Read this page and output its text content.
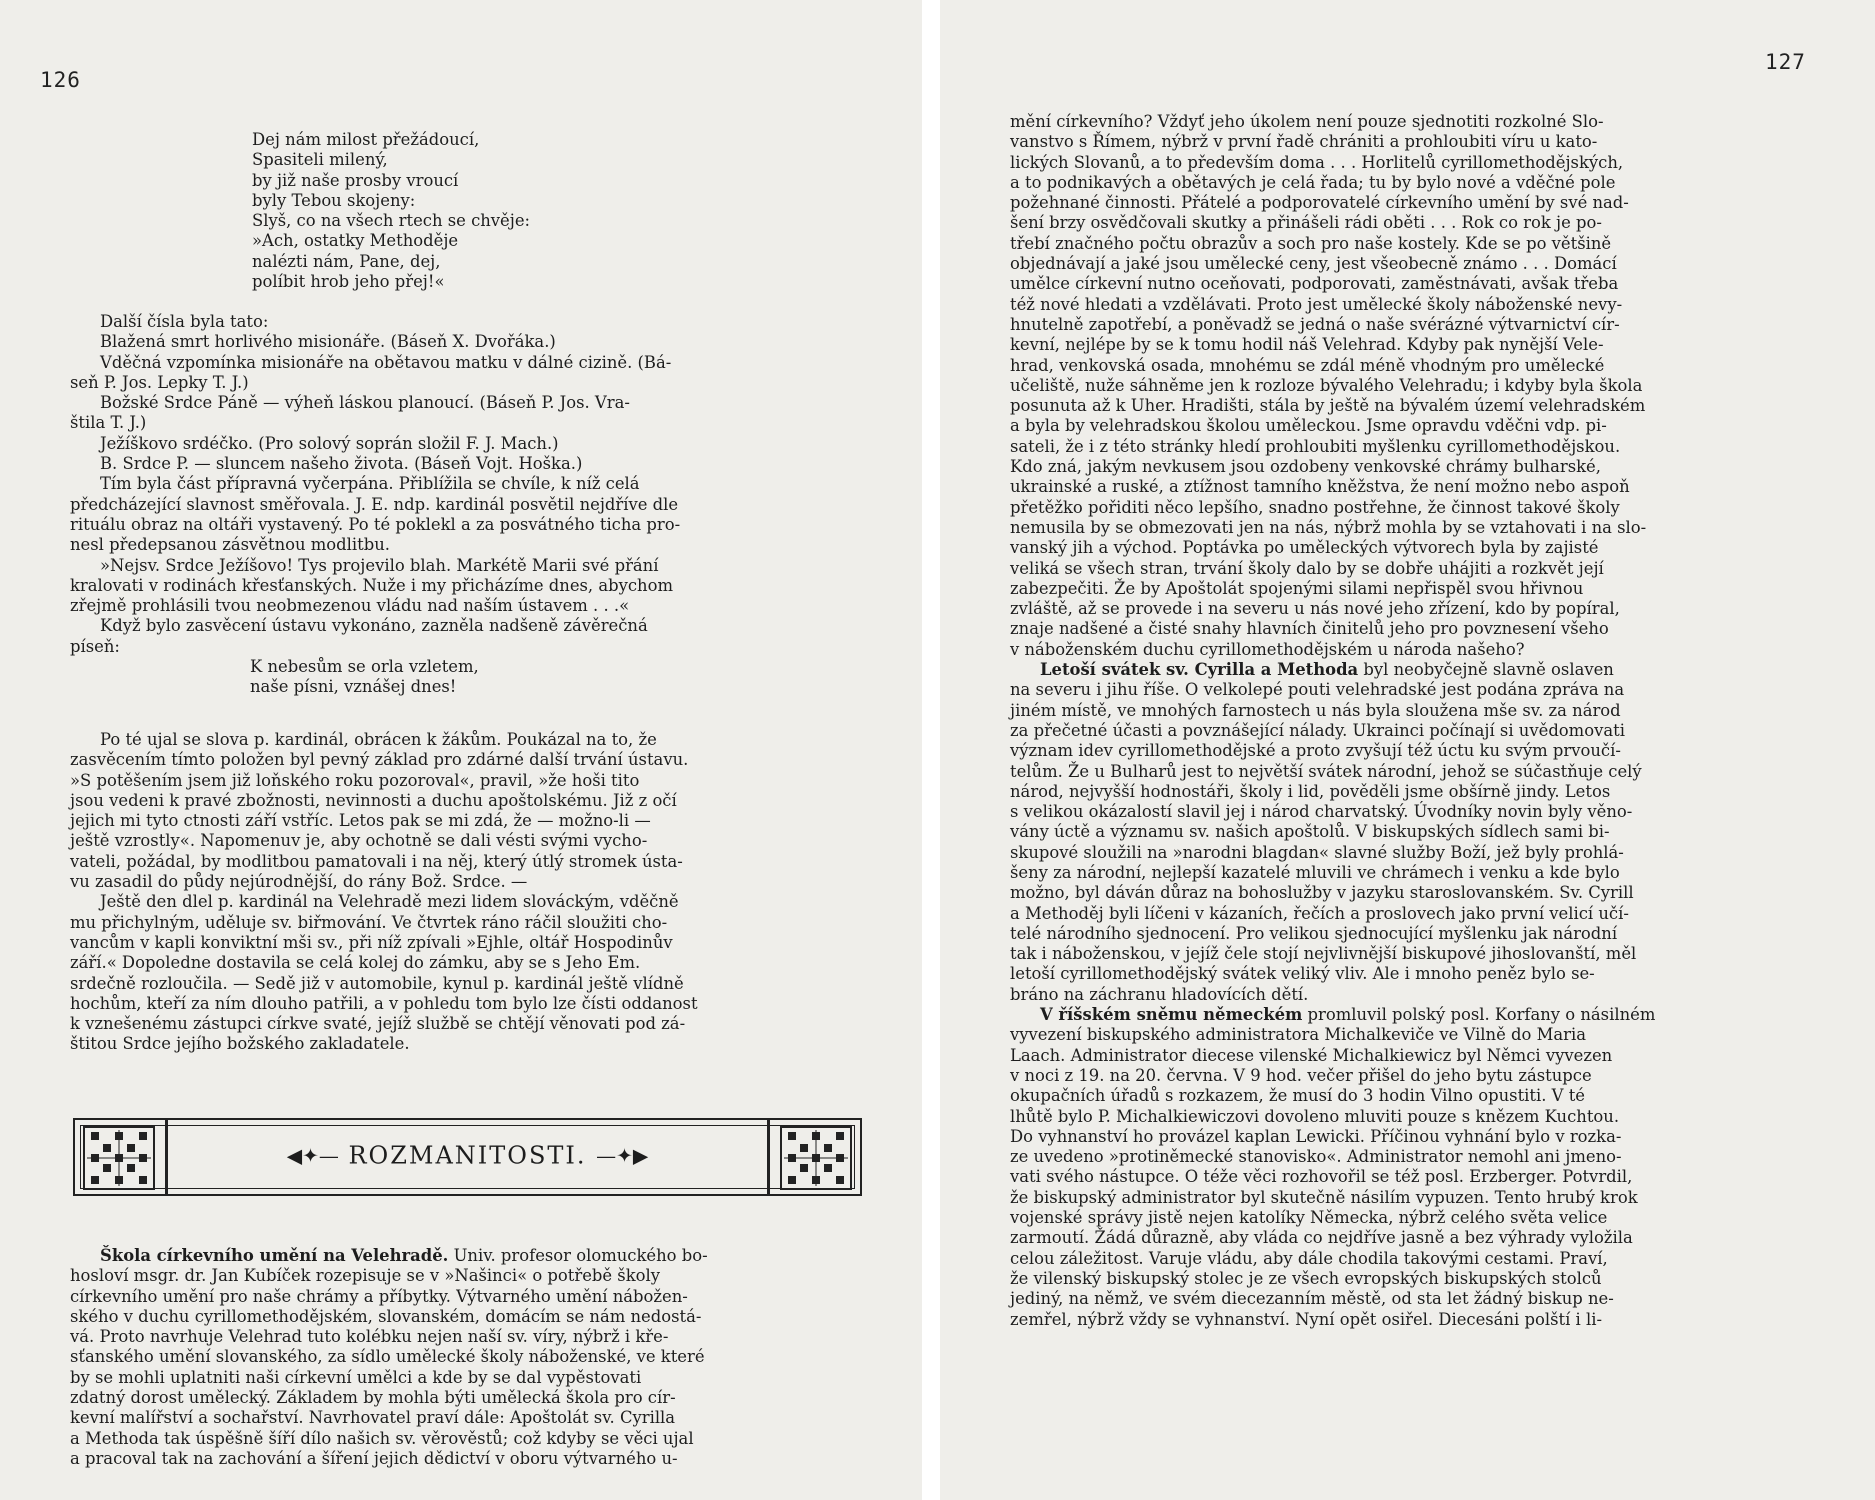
126
Dej nám milost přežádoucí,
Spasiteli milený,
by již naše prosby vroucí
byly Tebou skojeny:
Slyš, co na všech rtech se chvěje:
»Ach, ostatky Methoděje
nalézti nám, Pane, dej,
políbit hrob jeho přej!«
Další čísla byla tato:
Blažená smrt horlivého misionáře. (Báseň X. Dvořáka.)
Vděčná vzpomínka misionáře na obětavou matku v dálné cizině. (Bá-
seň P. Jos. Lepky T. J.)
Božské Srdce Páně — výheň láskou planoucí. (Báseň P. Jos. Vra-
štila T. J.)
Ježíškovo srdéčko. (Pro solový soprán složil F. J. Mach.)
B. Srdce P. — sluncem našeho života. (Báseň Vojt. Hoška.)
Tím byla část přípravná vyčerpána. Přiblížila se chvíle, k níž celá
předcházející slavnost směřovala. J. E. ndp. kardinál posvětil nejdříve dle
rituálu obraz na oltáři vystavený. Po té poklekl a za posvátného ticha pro-
nesl předepsanou zásvětnou modlitbu.
»Nejsv. Srdce Ježíšovo! Tys projevilo blah. Markétě Marii své přání
kralovati v rodinách křesťanských. Nuže i my přicházíme dnes, abychom
zřejmě prohlásili tvou neobmezenou vládu nad naším ústavem . . .«
Když bylo zasvěcení ústavu vykonáno, zazněla nadšeně závěrečná
píseň:
K nebesům se orla vzletem,
naše písni, vznášej dnes!
Po té ujal se slova p. kardinál, obrácen k žákům. Poukázal na to, že
zasvěcením tímto položen byl pevný základ pro zdárné další trvání ústavu.
»S potěšením jsem již loňského roku pozoroval«, pravil, »že hoši tito
jsou vedeni k pravé zbožnosti, nevinnosti a duchu apoštolskému. Již z očí
jejich mi tyto ctnosti září vstříc. Letos pak se mi zdá, že — možno-li —
ještě vzrostly«. Napomenuv je, aby ochotně se dali vésti svými vycho-
vateli, požádal, by modlitbou pamatovali i na něj, který útlý stromek ústa-
vu zasadil do půdy nejúrodnější, do rány Bož. Srdce. —
Ještě den dlel p. kardinál na Velehradě mezi lidem slováckým, vděčně
mu přichylným, uděluje sv. biřmování. Ve čtvrtek ráno ráčil sloužiti cho-
vancům v kapli konviktní mši sv., při níž zpívali »Ejhle, oltář Hospodinův
září.« Dopoledne dostavila se celá kolej do zámku, aby se s Jeho Em.
srdečně rozloučila. — Sedě již v automobile, kynul p. kardinál ještě vlídně
hochům, kteří za ním dlouho patřili, a v pohledu tom bylo lze čísti oddanost
k vznešenému zástupci církve svaté, jejíž službě se chtějí věnovati pod zá-
štitou Srdce jejího božského zakladatele.
◀✦— ROZMANITOSTI. —✦▶
Škola církevního umění na Velehradě. Univ. profesor olomuckého bo-
hosloví msgr. dr. Jan Kubíček rozepisuje se v »Našinci« o potřebě školy
církevního umění pro naše chrámy a příbytky. Výtvarného umění nábožen-
ského v duchu cyrillomethodějském, slovanském, domácím se nám nedostá-
vá. Proto navrhuje Velehrad tuto kolébku nejen naší sv. víry, nýbrž i kře-
sťanského umění slovanského, za sídlo umělecké školy náboženské, ve které
by se mohli uplatniti naši církevní umělci a kde by se dal vypěstovati
zdatný dorost umělecký. Základem by mohla býti umělecká škola pro cír-
kevní malířství a sochařství. Navrhovatel praví dále: Apoštolát sv. Cyrilla
a Methoda tak úspěšně šíří dílo našich sv. věrověstů; což kdyby se věci ujal
a pracoval tak na zachování a šíření jejich dědictví v oboru výtvarného u-
127
mění církevního? Vždyť jeho úkolem není pouze sjednotiti rozkolné Slo-
vanstvo s Římem, nýbrž v první řadě chrániti a prohloubiti víru u kato-
lických Slovanů, a to především doma . . . Horlitelů cyrillomethodějských,
a to podnikavých a obětavých je celá řada; tu by bylo nové a vděčné pole
požehnané činnosti. Přátelé a podporovatelé církevního umění by své nad-
šení brzy osvědčovali skutky a přinášeli rádi oběti . . . Rok co rok je po-
třebí značného počtu obrazův a soch pro naše kostely. Kde se po většině
objednávají a jaké jsou umělecké ceny, jest všeobecně známo . . . Domácí
umělce církevní nutno oceňovati, podporovati, zaměstnávati, avšak třeba
též nové hledati a vzdělávati. Proto jest umělecké školy náboženské nevy-
hnutelně zapotřebí, a poněvadž se jedná o naše svérázné výtvarnictví cír-
kevní, nejlépe by se k tomu hodil náš Velehrad. Kdyby pak nynější Vele-
hrad, venkovská osada, mnohému se zdál méně vhodným pro umělecké
učeliště, nuže sáhněme jen k rozloze bývalého Velehradu; i kdyby byla škola
posunuta až k Uher. Hradišti, stála by ještě na bývalém území velehradském
a byla by velehradskou školou uměleckou. Jsme opravdu vděčni vdp. pi-
sateli, že i z této stránky hledí prohloubiti myšlenku cyrillomethodějskou.
Kdo zná, jakým nevkusem jsou ozdobeny venkovské chrámy bulharské,
ukrainské a ruské, a ztížnost tamního kněžstva, že není možno nebo aspoň
přetěžko pořiditi něco lepšího, snadno postřehne, že činnost takové školy
nemusila by se obmezovati jen na nás, nýbrž mohla by se vztahovati i na slo-
vanský jih a východ. Poptávka po uměleckých výtvorech byla by zajisté
veliká se všech stran, trvání školy dalo by se dobře uhájiti a rozkvět její
zabezpečiti. Že by Apoštolát spojenými silami nepřispěl svou hřivnou
zvláště, až se provede i na severu u nás nové jeho zřízení, kdo by popíral,
znaje nadšené a čisté snahy hlavních činitelů jeho pro povznesení všeho
v náboženském duchu cyrillomethodějském u národa našeho?
Letoší svátek sv. Cyrilla a Methoda byl neobyčejně slavně oslaven
na severu i jihu říše. O velkolepé pouti velehradské jest podána zpráva na
jiném místě, ve mnohých farnostech u nás byla sloužena mše sv. za národ
za přečetné účasti a povznášející nálady. Ukrainci počínají si uvědomovati
význam idev cyrillomethodějské a proto zvyšují též úctu ku svým prvoučí-
telům. Že u Bulharů jest to největší svátek národní, jehož se súčastňuje celý
národ, nejvyšší hodnostáři, školy i lid, pověděli jsme obšírně jindy. Letos
s velikou okázalostí slavil jej i národ charvatský. Úvodníky novin byly věno-
vány úctě a významu sv. našich apoštolů. V biskupských sídlech sami bi-
skupové sloužili na »narodni blagdan« slavné služby Boží, jež byly prohlá-
šeny za národní, nejlepší kazatelé mluvili ve chrámech i venku a kde bylo
možno, byl dáván důraz na bohoslužby v jazyku staroslovanském. Sv. Cyrill
a Methoděj byli líčeni v kázaních, řečích a proslovech jako první velicí učí-
telé národního sjednocení. Pro velikou sjednocující myšlenku jak národní
tak i náboženskou, v jejíž čele stojí nejvlivnější biskupové jihoslovanští, měl
letoší cyrillomethodějský svátek veliký vliv. Ale i mnoho peněz bylo se-
bráno na záchranu hladovících dětí.
V říšském sněmu německém promluvil polský posl. Korfany o násilném
vyvezení biskupského administratora Michalkeviče ve Vilně do Maria
Laach. Administrator diecese vilenské Michalkiewicz byl Němci vyvezen
v noci z 19. na 20. června. V 9 hod. večer přišel do jeho bytu zástupce
okupačních úřadů s rozkazem, že musí do 3 hodin Vilno opustiti. V té
lhůtě bylo P. Michalkiewiczovi dovoleno mluviti pouze s knězem Kuchtou.
Do vyhnanství ho provázel kaplan Lewicki. Příčinou vyhnání bylo v rozka-
ze uvedeno »protiněmecké stanovisko«. Administrator nemohl ani jmeno-
vati svého nástupce. O téže věci rozhovořil se též posl. Erzberger. Potvrdil,
že biskupský administrator byl skutečně násilím vypuzen. Tento hrubý krok
vojenské správy jistě nejen katolíky Německa, nýbrž celého světa velice
zarmoutí. Žádá důrazně, aby vláda co nejdříve jasně a bez výhrady vyložila
celou záležitost. Varuje vládu, aby dále chodila takovými cestami. Praví,
že vilenský biskupský stolec je ze všech evropských biskupských stolců
jediný, na němž, ve svém diecezanním městě, od sta let žádný biskup ne-
zemřel, nýbrž vždy se vyhnanství. Nyní opět osiřel. Diecesáni polští i li-
